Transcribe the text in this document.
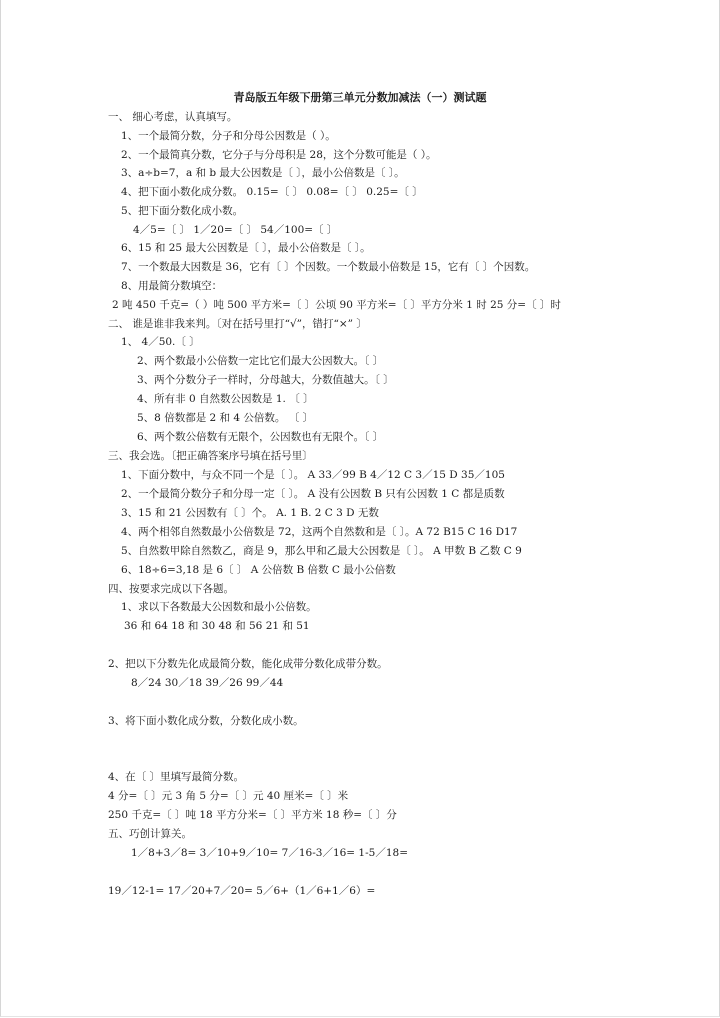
青岛版五年级下册第三单元分数加减法（一）测试题
一、 细心考虑，认真填写。
1、一个最简分数，分子和分母公因数是（ ）。
2、一个最简真分数，它分子与分母积是 28，这个分数可能是（ ）。
3、a÷b=7，a 和 b 最大公因数是〔 〕，最小公倍数是〔 〕。
4、把下面小数化成分数。 0.15=〔 〕 0.08=〔 〕 0.25=〔 〕
5、把下面分数化成小数。
4／5=〔 〕 1／20=〔 〕 54／100=〔 〕
6、15 和 25 最大公因数是〔 〕，最小公倍数是〔 〕。
7、一个数最大因数是 36，它有〔 〕个因数。一个数最小倍数是 15，它有〔 〕个因数。
8、用最简分数填空：
2 吨 450 千克=（ ）吨 500 平方米=〔 〕公顷 90 平方米=〔 〕平方分米 1 时 25 分=〔 〕时
二、 谁是谁非我来判。〔对在括号里打“√”，错打“×” 〕
1、 4／50.〔 〕
2、两个数最小公倍数一定比它们最大公因数大。〔 〕
3、两个分数分子一样时，分母越大，分数值越大。〔 〕
4、所有非 0 自然数公因数是 1. 〔 〕
5、8 倍数都是 2 和 4 公倍数。 〔 〕
6、两个数公倍数有无限个，公因数也有无限个。〔 〕
三、我会选。〔把正确答案序号填在括号里〕
1、下面分数中，与众不同一个是〔 〕。 A 33／99 B 4／12 C 3／15 D 35／105
2、一个最简分数分子和分母一定〔 〕。 A 没有公因数 B 只有公因数 1 C 都是质数
3、15 和 21 公因数有〔 〕个。 A. 1 B. 2 C 3 D 无数
4、两个相邻自然数最小公倍数是 72，这两个自然数和是〔 〕。A 72 B15 C 16 D17
5、自然数甲除自然数乙，商是 9，那么甲和乙最大公因数是〔 〕。 A 甲数 B 乙数 C 9
6、18÷6=3,18 是 6〔 〕 A 公倍数 B 倍数 C 最小公倍数
四、按要求完成以下各题。
1、求以下各数最大公因数和最小公倍数。
36 和 64 18 和 30 48 和 56 21 和 51
2、把以下分数先化成最简分数，能化成带分数化成带分数。
8／24 30／18 39／26 99／44
3、将下面小数化成分数，分数化成小数。
4、在〔 〕里填写最简分数。
4 分=〔 〕元 3 角 5 分=〔 〕元 40 厘米=〔 〕米
250 千克=〔 〕吨 18 平方分米=〔 〕平方米 18 秒=〔 〕分
五、巧创计算关。
1／8+3／8= 3／10+9／10= 7／16-3／16= 1-5／18=
19／12-1= 17／20+7／20= 5／6+（1／6+1／6）=
